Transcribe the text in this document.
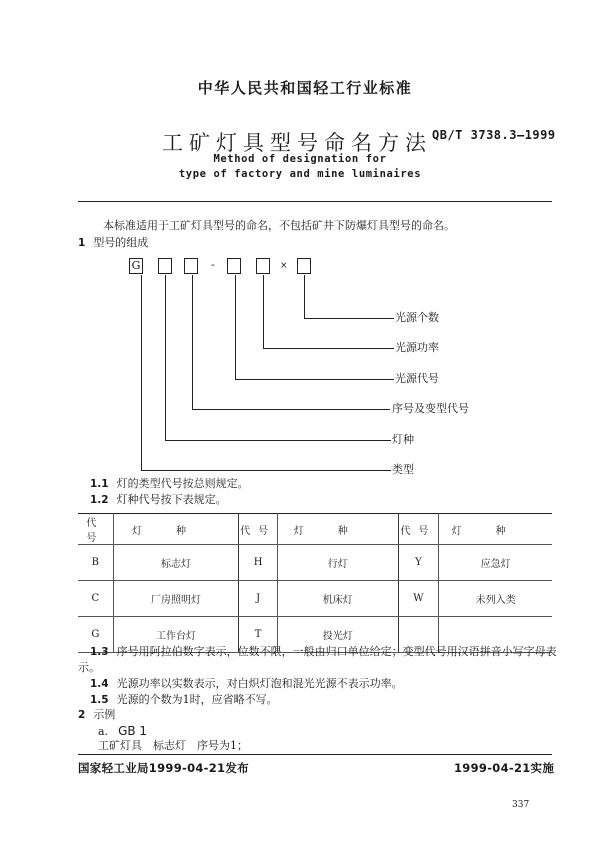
中华人民共和国轻工行业标准
工矿灯具型号命名方法 QB/T 3738.3—1999
Method of designation for
type of factory and mine luminaires
本标准适用于工矿灯具型号的命名，不包括矿井下防爆灯具型号的命名。
1 型号的组成
G	-	×
光源个数
光源功率
光源代号
序号及变型代号
灯种
类型
1.1 灯的类型代号按总则规定。
1.2 灯种代号按下表规定。
代号	灯种	代号	灯种	代号	灯种
B	标志灯	H	行灯	Y	应急灯
C	厂房照明灯	J	机床灯	W	未列入类
G	工作台灯	T	投光灯		
1.3 序号用阿拉伯数字表示，位数不限，一般由归口单位给定；变型代号用汉语拼音小写字母表
示。
1.4 光源功率以实数表示，对白炽灯泡和混光光源不表示功率。
1.5 光源的个数为1时，应省略不写。
2 示例
a. GB 1
工矿灯具　标志灯　序号为1；
国家轻工业局1999-04-21发布	1999-04-21实施
337
